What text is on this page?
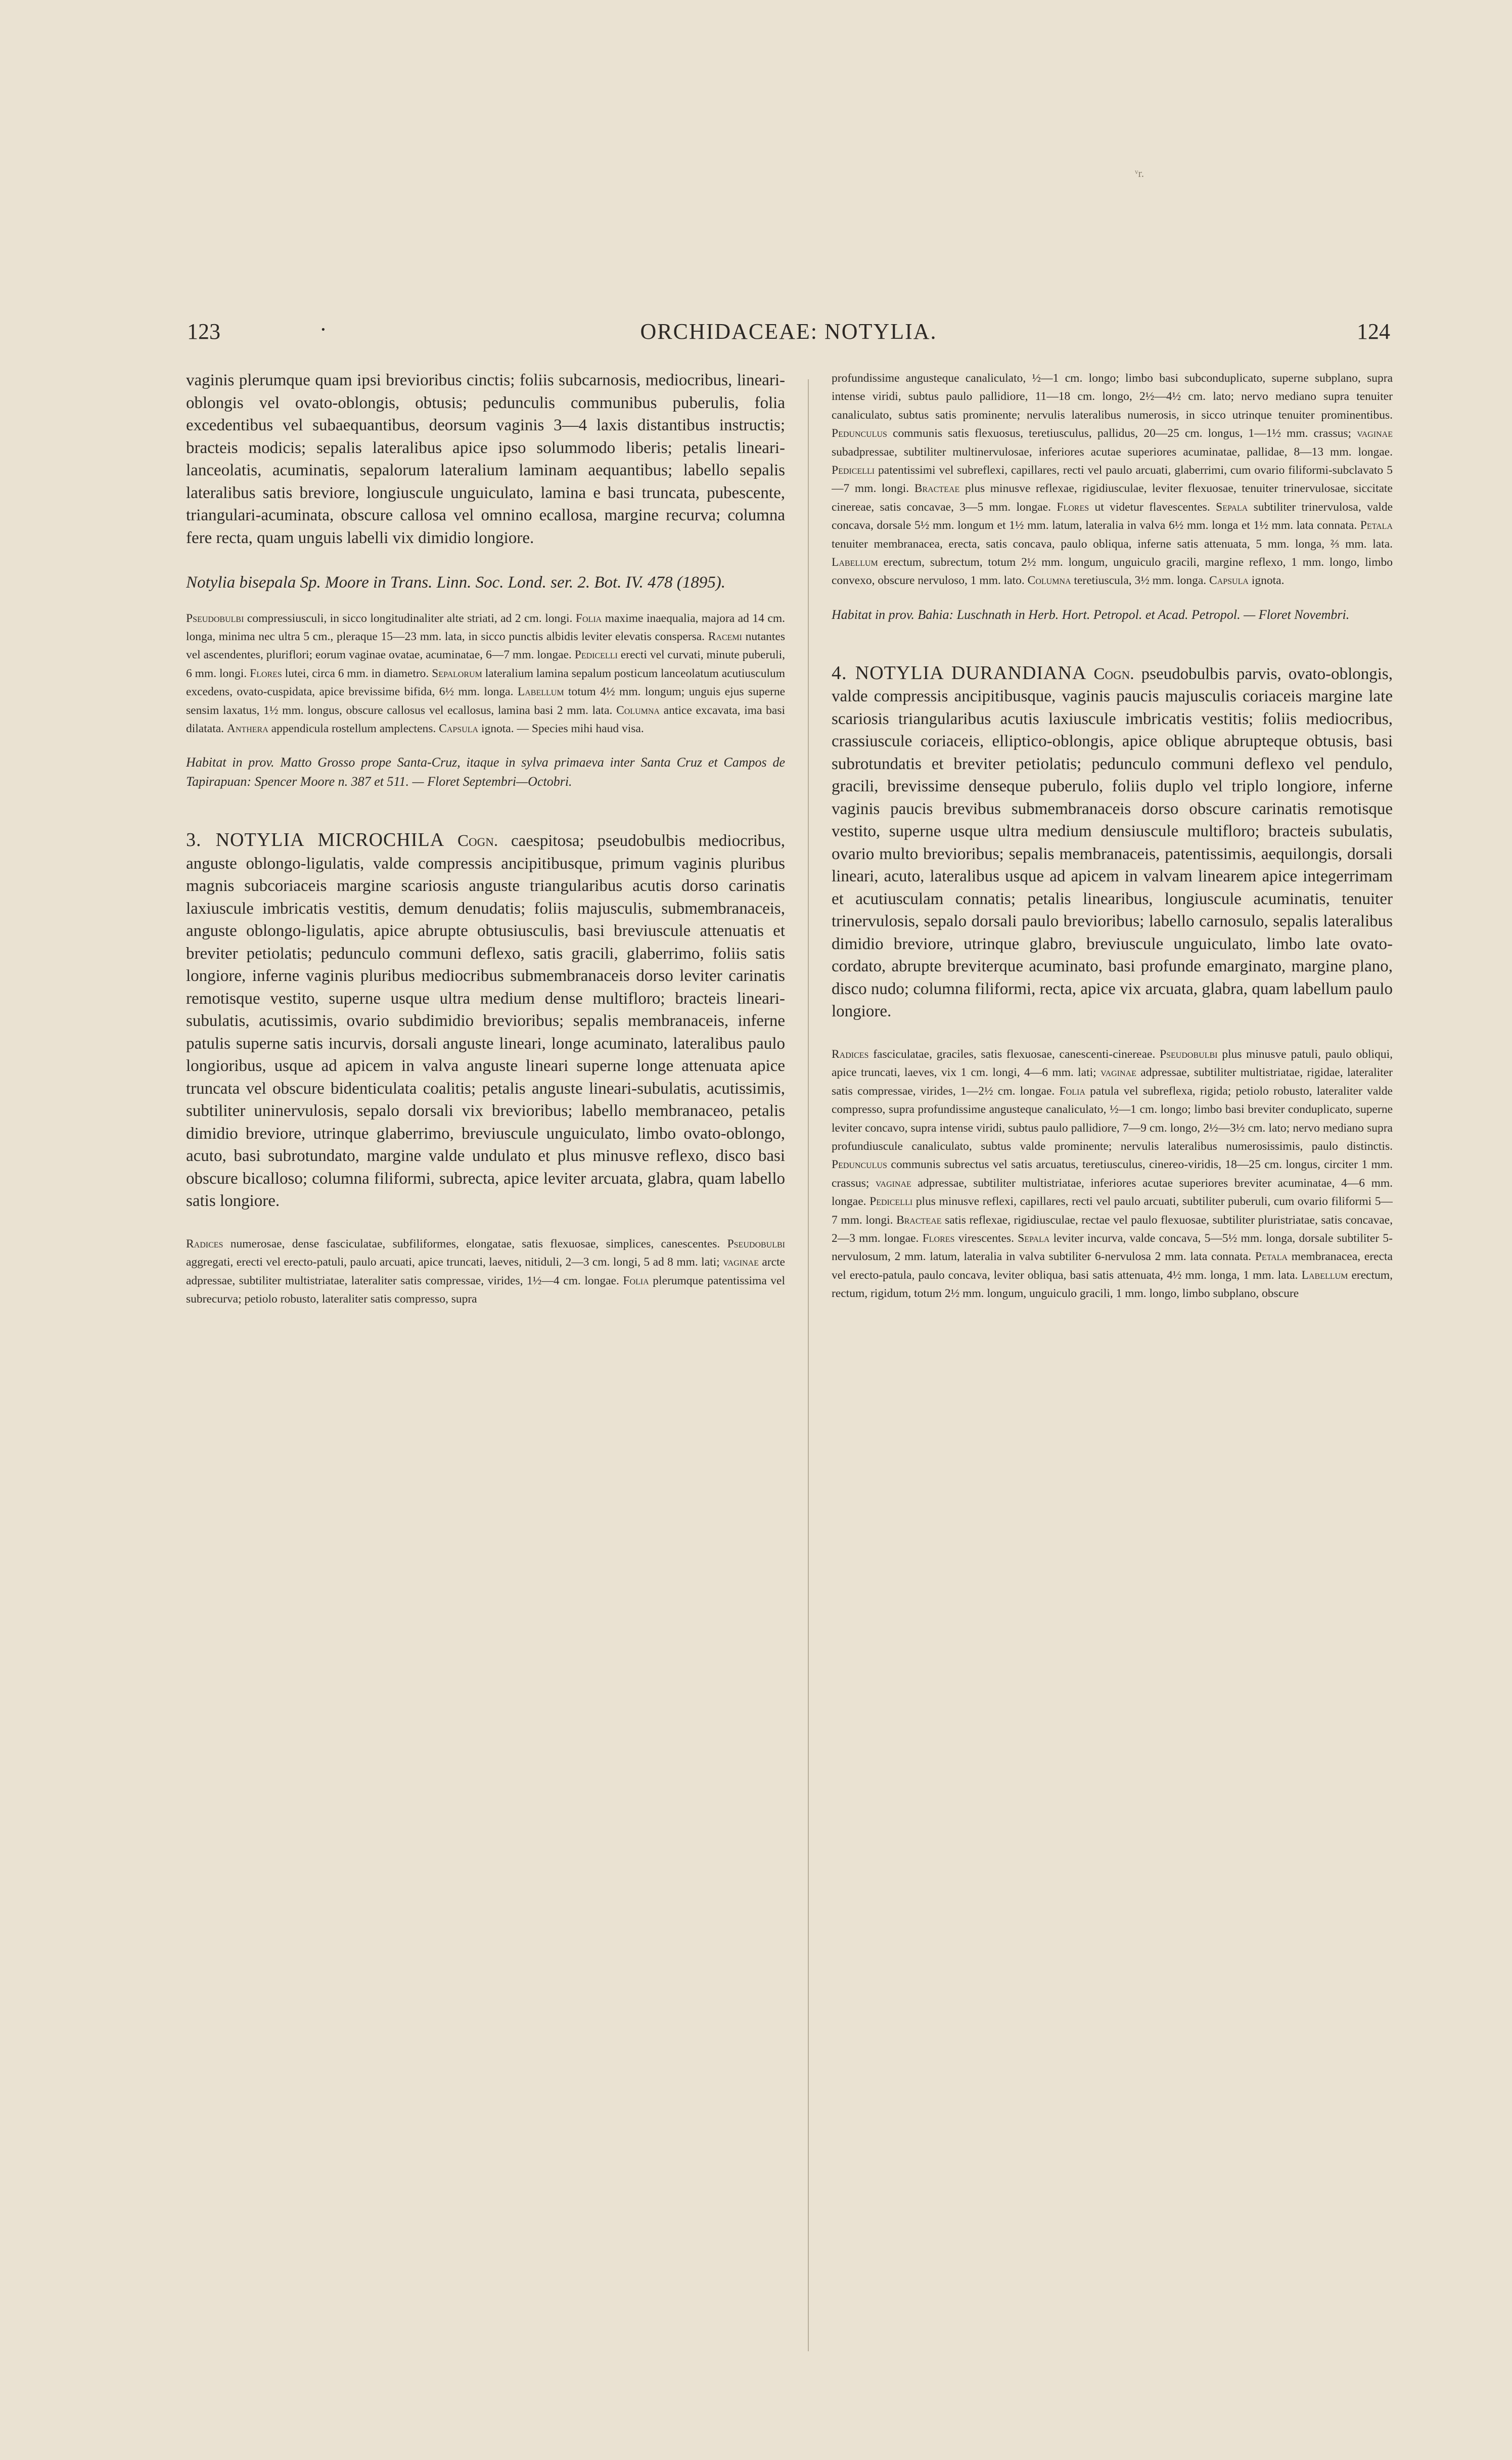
ᵛr.
123	·	ORCHIDACEAE: NOTYLIA.	124

vaginis plerumque quam ipsi brevioribus cinctis; foliis subcarnosis, mediocribus, lineari-oblongis vel ovato-oblongis, obtusis; pedunculis communibus puberulis, folia excedentibus vel subaequantibus, deorsum vaginis 3—4 laxis distantibus instructis; bracteis modicis; sepalis lateralibus apice ipso solummodo liberis; petalis lineari-lanceolatis, acuminatis, sepalorum lateralium laminam aequantibus; labello sepalis lateralibus satis breviore, longiuscule unguiculato, lamina e basi truncata, pubescente, triangulari-acuminata, obscure callosa vel omnino ecallosa, margine recurva; columna fere recta, quam unguis labelli vix dimidio longiore.

Notylia bisepala Sp. Moore in Trans. Linn. Soc. Lond. ser. 2. Bot. IV. 478 (1895).

Pseudobulbi compressiusculi, in sicco longitudinaliter alte striati, ad 2 cm. longi. Folia maxime inaequalia, majora ad 14 cm. longa, minima nec ultra 5 cm., pleraque 15—23 mm. lata, in sicco punctis albidis leviter elevatis conspersa. Racemi nutantes vel ascendentes, pluriflori; eorum vaginae ovatae, acuminatae, 6—7 mm. longae. Pedicelli erecti vel curvati, minute puberuli, 6 mm. longi. Flores lutei, circa 6 mm. in diametro. Sepalorum lateralium lamina sepalum posticum lanceolatum acutiusculum excedens, ovato-cuspidata, apice brevissime bifida, 6½ mm. longa. Labellum totum 4½ mm. longum; unguis ejus superne sensim laxatus, 1½ mm. longus, obscure callosus vel ecallosus, lamina basi 2 mm. lata. Columna antice excavata, ima basi dilatata. Anthera appendicula rostellum amplectens. Capsula ignota. — Species mihi haud visa.

Habitat in prov. Matto Grosso prope Santa-Cruz, itaque in sylva primaeva inter Santa Cruz et Campos de Tapirapuan: Spencer Moore n. 387 et 511. — Floret Septembri—Octobri.

3. NOTYLIA MICROCHILA Cogn. caespitosa; pseudobulbis mediocribus, anguste oblongo-ligulatis, valde compressis ancipitibusque, primum vaginis pluribus magnis subcoriaceis margine scariosis anguste triangularibus acutis dorso carinatis laxiuscule imbricatis vestitis, demum denudatis; foliis majusculis, submembranaceis, anguste oblongo-ligulatis, apice abrupte obtusiusculis, basi breviuscule attenuatis et breviter petiolatis; pedunculo communi deflexo, satis gracili, glaberrimo, foliis satis longiore, inferne vaginis pluribus mediocribus submembranaceis dorso leviter carinatis remotisque vestito, superne usque ultra medium dense multifloro; bracteis lineari-subulatis, acutissimis, ovario subdimidio brevioribus; sepalis membranaceis, inferne patulis superne satis incurvis, dorsali anguste lineari, longe acuminato, lateralibus paulo longioribus, usque ad apicem in valva anguste lineari superne longe attenuata apice truncata vel obscure bidenticulata coalitis; petalis anguste lineari-subulatis, acutissimis, subtiliter uninervulosis, sepalo dorsali vix brevioribus; labello membranaceo, petalis dimidio breviore, utrinque glaberrimo, breviuscule unguiculato, limbo ovato-oblongo, acuto, basi subrotundato, margine valde undulato et plus minusve reflexo, disco basi obscure bicalloso; columna filiformi, subrecta, apice leviter arcuata, glabra, quam labello satis longiore.

Radices numerosae, dense fasciculatae, subfiliformes, elongatae, satis flexuosae, simplices, canescentes. Pseudobulbi aggregati, erecti vel erecto-patuli, paulo arcuati, apice truncati, laeves, nitiduli, 2—3 cm. longi, 5 ad 8 mm. lati; vaginae arcte adpressae, subtiliter multistriatae, lateraliter satis compressae, virides, 1½—4 cm. longae. Folia plerumque patentissima vel subrecurva; petiolo robusto, lateraliter satis compresso, supra

profundissime angusteque canaliculato, ½—1 cm. longo; limbo basi subconduplicato, superne subplano, supra intense viridi, subtus paulo pallidiore, 11—18 cm. longo, 2½—4½ cm. lato; nervo mediano supra tenuiter canaliculato, subtus satis prominente; nervulis lateralibus numerosis, in sicco utrinque tenuiter prominentibus. Pedunculus communis satis flexuosus, teretiusculus, pallidus, 20—25 cm. longus, 1—1½ mm. crassus; vaginae subadpressae, subtiliter multinervulosae, inferiores acutae superiores acuminatae, pallidae, 8—13 mm. longae. Pedicelli patentissimi vel subreflexi, capillares, recti vel paulo arcuati, glaberrimi, cum ovario filiformi-subclavato 5—7 mm. longi. Bracteae plus minusve reflexae, rigidiusculae, leviter flexuosae, tenuiter trinervulosae, siccitate cinereae, satis concavae, 3—5 mm. longae. Flores ut videtur flavescentes. Sepala subtiliter trinervulosa, valde concava, dorsale 5½ mm. longum et 1½ mm. latum, lateralia in valva 6½ mm. longa et 1½ mm. lata connata. Petala tenuiter membranacea, erecta, satis concava, paulo obliqua, inferne satis attenuata, 5 mm. longa, ⅔ mm. lata. Labellum erectum, subrectum, totum 2½ mm. longum, unguiculo gracili, margine reflexo, 1 mm. longo, limbo convexo, obscure nervuloso, 1 mm. lato. Columna teretiuscula, 3½ mm. longa. Capsula ignota.

Habitat in prov. Bahia: Luschnath in Herb. Hort. Petropol. et Acad. Petropol. — Floret Novembri.

4. NOTYLIA DURANDIANA Cogn. pseudobulbis parvis, ovato-oblongis, valde compressis ancipitibusque, vaginis paucis majusculis coriaceis margine late scariosis triangularibus acutis laxiuscule imbricatis vestitis; foliis mediocribus, crassiuscule coriaceis, elliptico-oblongis, apice oblique abruptеque obtusis, basi subrotundatis et breviter petiolatis; pedunculo communi deflexo vel pendulo, gracili, brevissime denseque puberulo, foliis duplo vel triplo longiore, inferne vaginis paucis brevibus submembranaceis dorso obscure carinatis remotisque vestito, superne usque ultra medium densiuscule multifloro; bracteis subulatis, ovario multo brevioribus; sepalis membranaceis, patentissimis, aequilongis, dorsali lineari, acuto, lateralibus usque ad apicem in valvam linearem apice integerrimam et acutiusculam connatis; petalis linearibus, longiuscule acuminatis, tenuiter trinervulosis, sepalo dorsali paulo brevioribus; labello carnosulo, sepalis lateralibus dimidio breviore, utrinque glabro, breviuscule unguiculato, limbo late ovato-cordato, abrupte breviterque acuminato, basi profunde emarginato, margine plano, disco nudo; columna filiformi, recta, apice vix arcuata, glabra, quam labellum paulo longiore.

Radices fasciculatae, graciles, satis flexuosae, canescenti-cinereae. Pseudobulbi plus minusve patuli, paulo obliqui, apice truncati, laeves, vix 1 cm. longi, 4—6 mm. lati; vaginae adpressae, subtiliter multistriatae, rigidae, lateraliter satis compressae, virides, 1—2½ cm. longae. Folia patula vel subreflexa, rigida; petiolo robusto, lateraliter valde compresso, supra profundissime angusteque canaliculato, ½—1 cm. longo; limbo basi breviter conduplicato, superne leviter concavo, supra intense viridi, subtus paulo pallidiore, 7—9 cm. longo, 2½—3½ cm. lato; nervo mediano supra profundiuscule canaliculato, subtus valde prominente; nervulis lateralibus numerosissimis, paulo distinctis. Pedunculus communis subrectus vel satis arcuatus, teretiusculus, cinereo-viridis, 18—25 cm. longus, circiter 1 mm. crassus; vaginae adpressae, subtiliter multistriatae, inferiores acutae superiores breviter acuminatae, 4—6 mm. longae. Pedicelli plus minusve reflexi, capillares, recti vel paulo arcuati, subtiliter puberuli, cum ovario filiformi 5—7 mm. longi. Bracteae satis reflexae, rigidiusculae, rectae vel paulo flexuosae, subtiliter pluristriatae, satis concavae, 2—3 mm. longae. Flores virescentes. Sepala leviter incurva, valde concava, 5—5½ mm. longa, dorsale subtiliter 5-nervulosum, 2 mm. latum, lateralia in valva subtiliter 6-nervulosa 2 mm. lata connata. Petala membranacea, erecta vel erecto-patula, paulo concava, leviter obliqua, basi satis attenuata, 4½ mm. longa, 1 mm. lata. Labellum erectum, rectum, rigidum, totum 2½ mm. longum, unguiculo gracili, 1 mm. longo, limbo subplano, obscure
